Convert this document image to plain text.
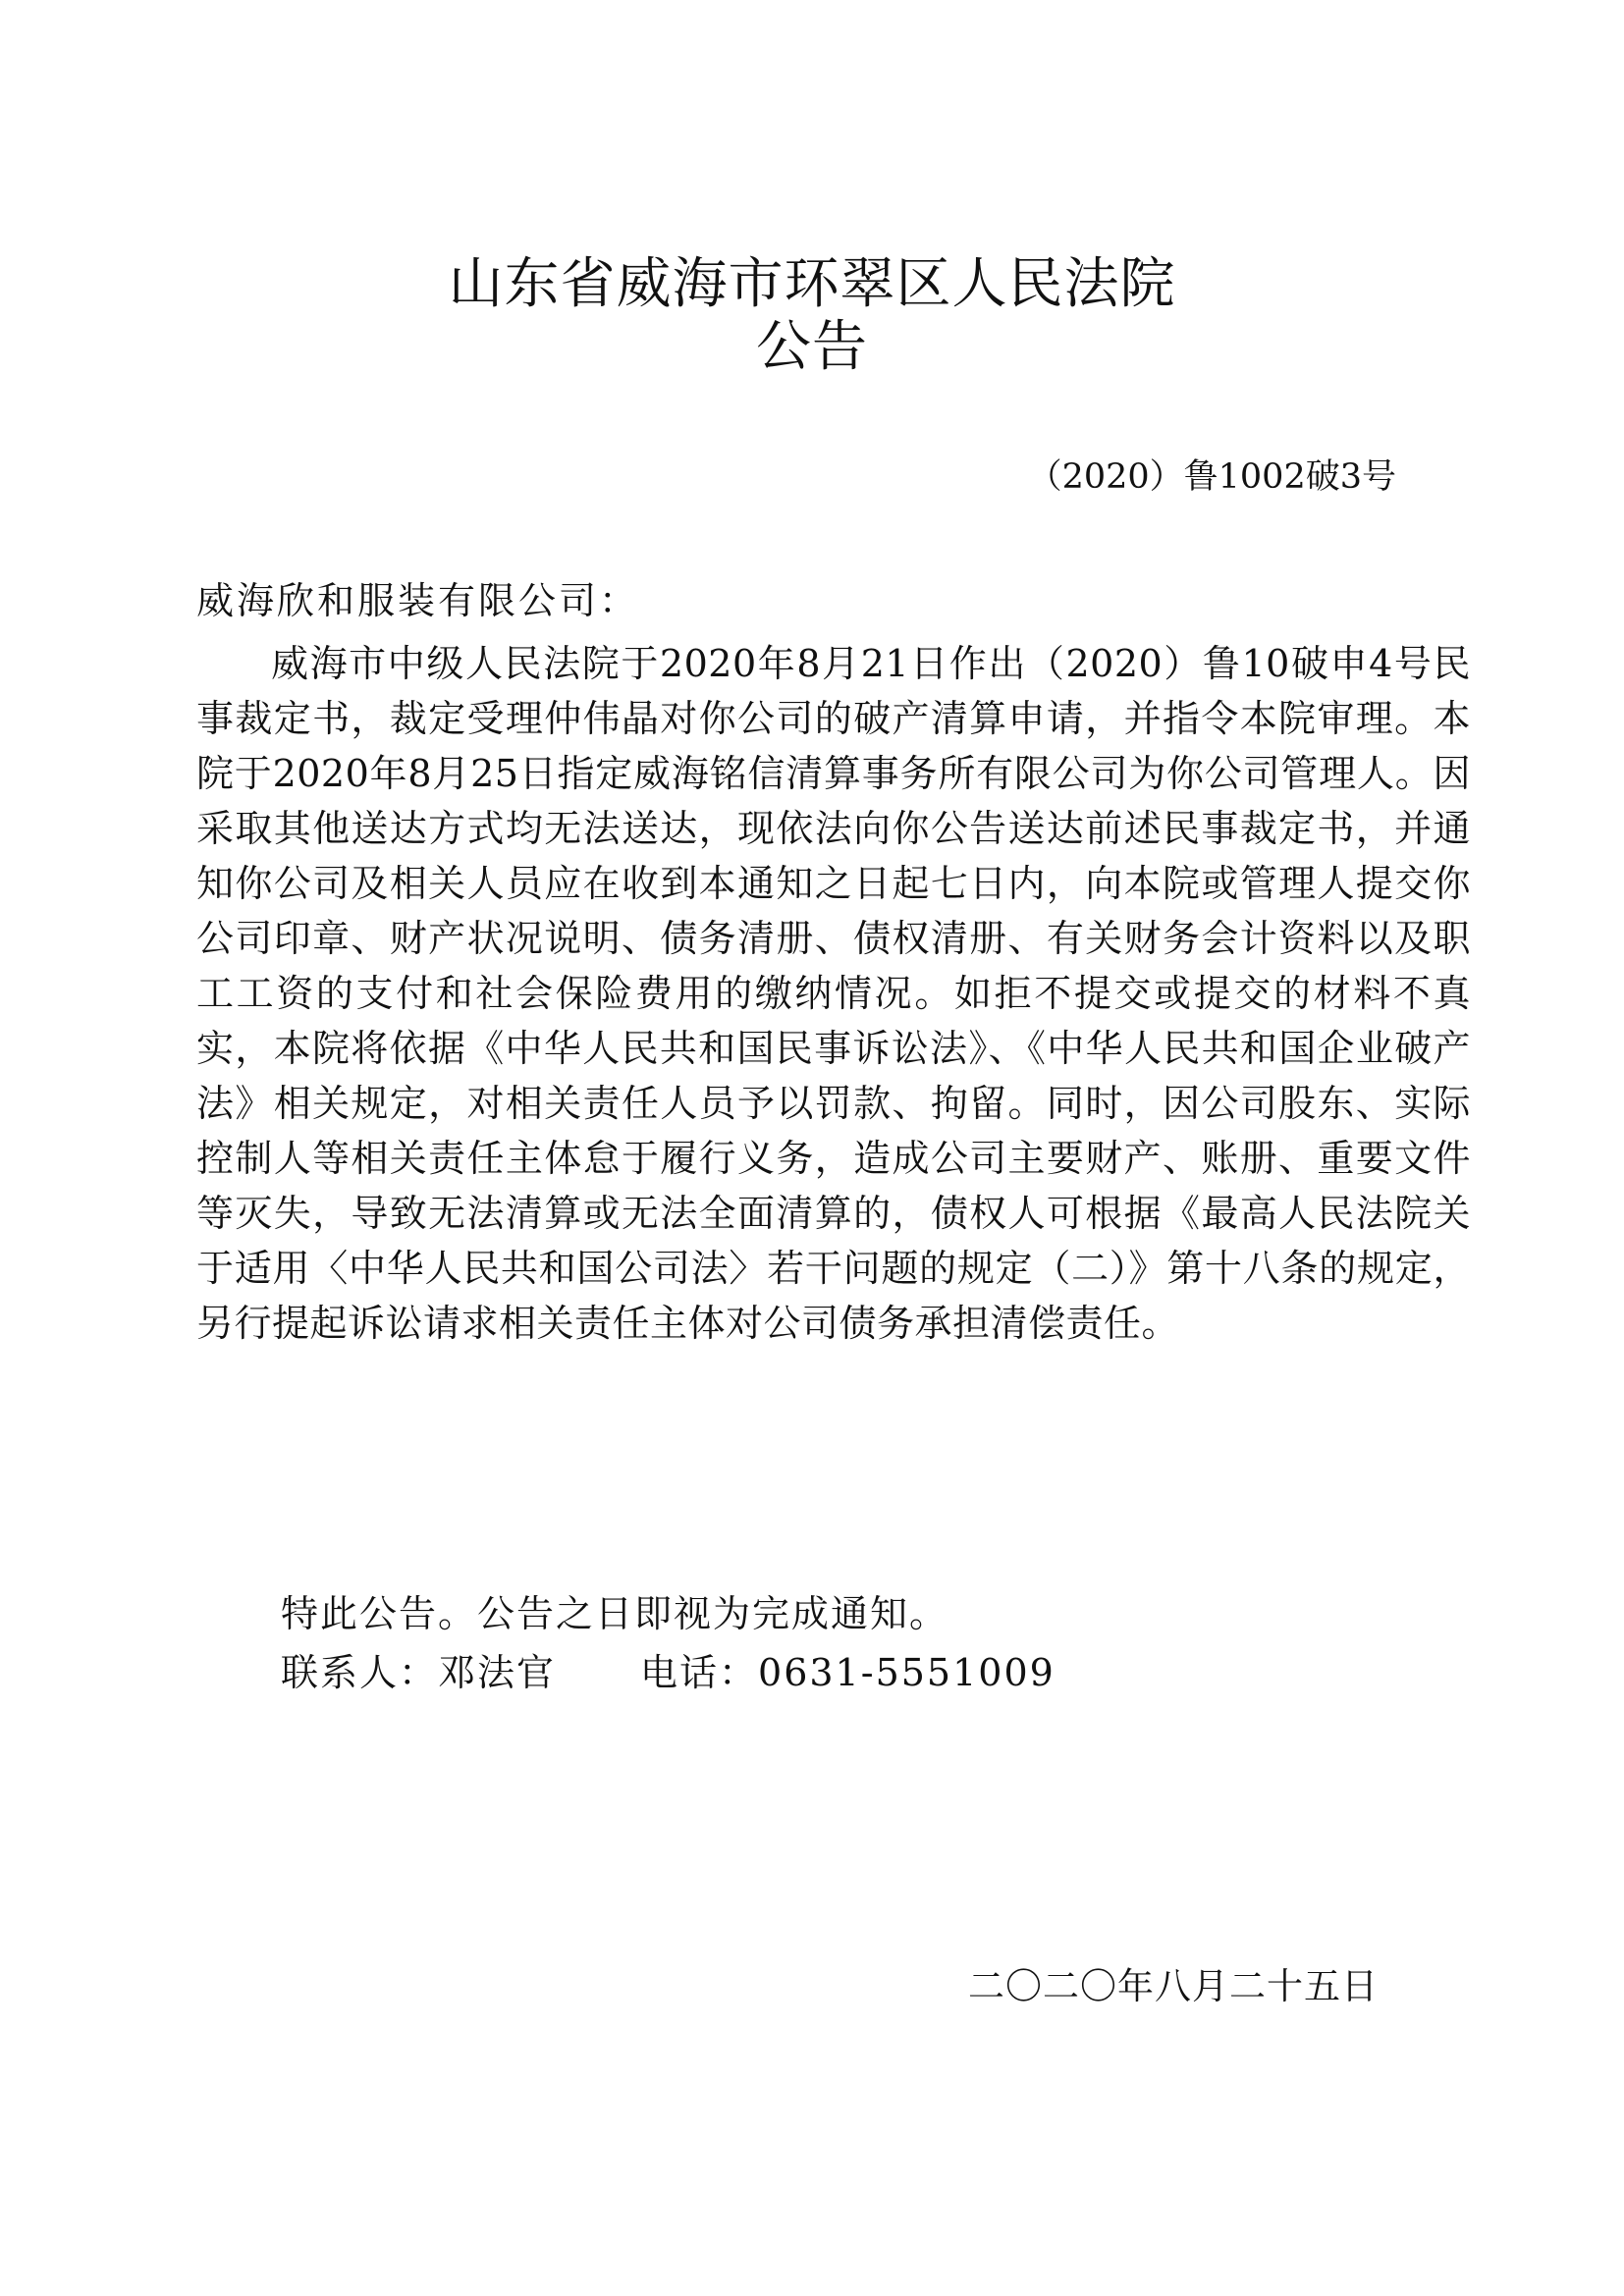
山东省威海市环翠区人民法院
公告
（2020）鲁1002破3号
威海欣和服装有限公司：
威海市中级人民法院于2020年8月21日作出（2020）鲁10破申4号民事裁定书，裁定受理仲伟晶对你公司的破产清算申请，并指令本院审理。本院于2020年8月25日指定威海铭信清算事务所有限公司为你公司管理人。因采取其他送达方式均无法送达，现依法向你公告送达前述民事裁定书，并通知你公司及相关人员应在收到本通知之日起七日内，向本院或管理人提交你公司印章、财产状况说明、债务清册、债权清册、有关财务会计资料以及职工工资的支付和社会保险费用的缴纳情况。如拒不提交或提交的材料不真实，本院将依据《中华人民共和国民事诉讼法》、《中华人民共和国企业破产法》相关规定，对相关责任人员予以罚款、拘留。同时，因公司股东、实际控制人等相关责任主体怠于履行义务，造成公司主要财产、账册、重要文件等灭失，导致无法清算或无法全面清算的，债权人可根据《最高人民法院关于适用〈中华人民共和国公司法〉若干问题的规定（二）》第十八条的规定，另行提起诉讼请求相关责任主体对公司债务承担清偿责任。
特此公告。公告之日即视为完成通知。
联系人：邓法官 电话：0631-5551009
二〇二〇年八月二十五日
